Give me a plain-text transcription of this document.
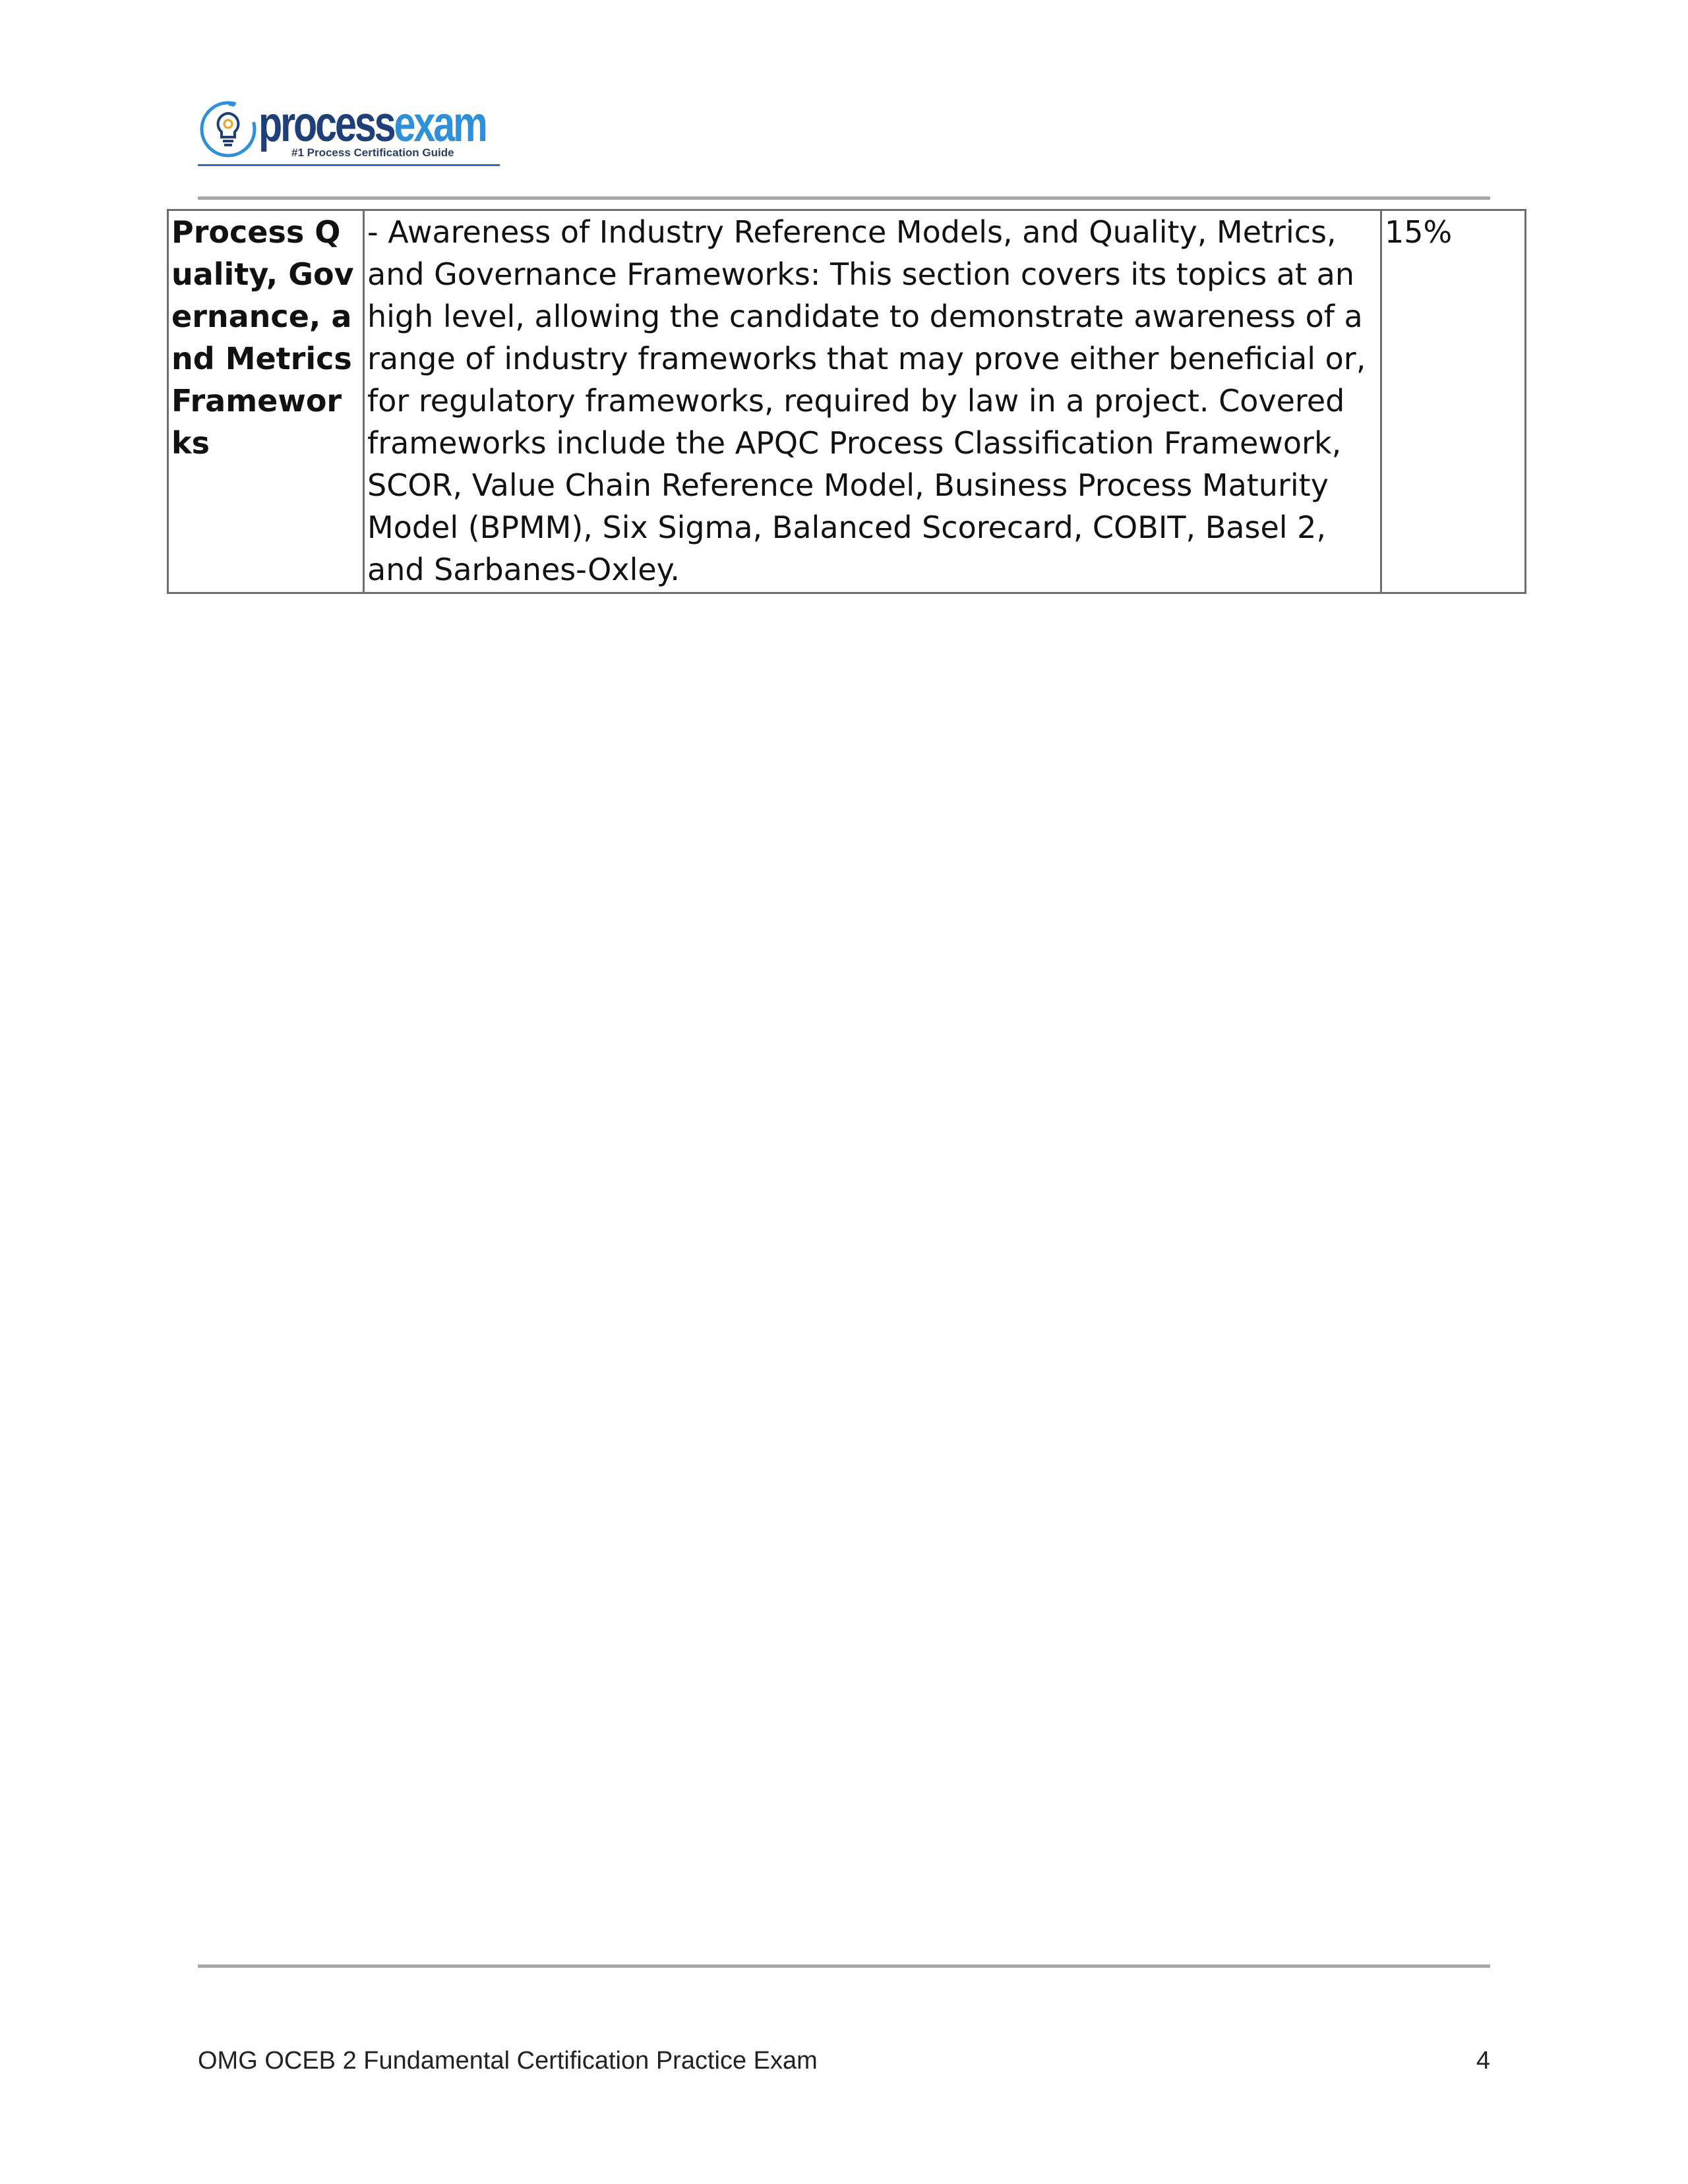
processexam
#1 Process Certification Guide
Process Quality, Governance, and Metrics Frameworks	- Awareness of Industry Reference Models, and Quality, Metrics, and Governance Frameworks: This section covers its topics at an high level, allowing the candidate to demonstrate awareness of a range of industry frameworks that may prove either beneficial or, for regulatory frameworks, required by law in a project. Covered frameworks include the APQC Process Classification Framework, SCOR, Value Chain Reference Model, Business Process Maturity Model (BPMM), Six Sigma, Balanced Scorecard, COBIT, Basel 2, and Sarbanes-Oxley.	15%
OMG OCEB 2 Fundamental Certification Practice Exam	4
